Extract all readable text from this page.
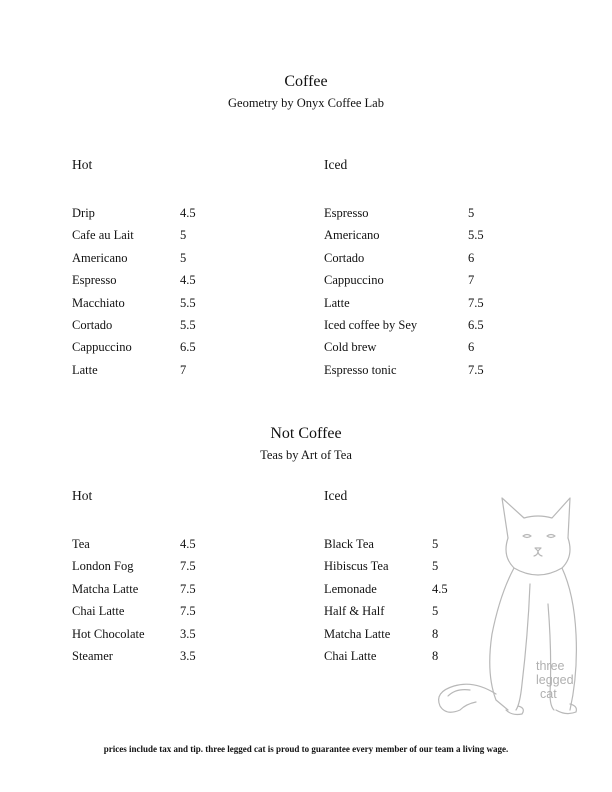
Coffee
Geometry by Onyx Coffee Lab
Hot	Iced
Drip	4.5
Cafe au Lait	5
Americano	5
Espresso	4.5
Macchiato	5.5
Cortado	5.5
Cappuccino	6.5
Latte	7
Espresso	5
Americano	5.5
Cortado	6
Cappuccino	7
Latte	7.5
Iced coffee by Sey	6.5
Cold brew	6
Espresso tonic	7.5
Not Coffee
Teas by Art of Tea
Hot	Iced
Tea	4.5
London Fog	7.5
Matcha Latte	7.5
Chai Latte	7.5
Hot Chocolate	3.5
Steamer	3.5
Black Tea	5
Hibiscus Tea	5
Lemonade	4.5
Half & Half	5
Matcha Latte	8
Chai Latte	8
three
legged
cat
prices include tax and tip. three legged cat is proud to guarantee every member of our team a living wage.
